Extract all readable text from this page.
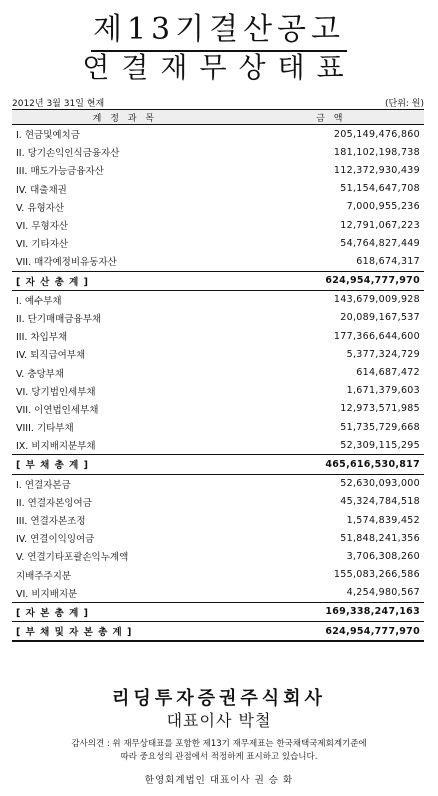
제13기결산공고
연결재무상태표
2012년 3월 31일 현재	(단위: 원)
계 정 과 목	금 액
I. 현금및예치금	205,149,476,860
II. 당기손익인식금융자산	181,102,198,738
III. 매도가능금융자산	112,372,930,439
IV. 대출채권	51,154,647,708
V. 유형자산	7,000,955,236
VI. 무형자산	12,791,067,223
VI. 기타자산	54,764,827,449
VII. 매각예정비유동자산	618,674,317
[ 자 산 총 계 ]	624,954,777,970
I. 예수부채	143,679,009,928
II. 단기매매금융부채	20,089,167,537
III. 차입부채	177,366,644,600
IV. 퇴직급여부채	5,377,324,729
V. 충당부채	614,687,472
VI. 당기법인세부채	1,671,379,603
VII. 이연법인세부채	12,973,571,985
VIII. 기타부채	51,735,729,668
IX. 비지배지분부채	52,309,115,295
[ 부 채 총 계 ]	465,616,530,817
I. 연결자본금	52,630,093,000
II. 연결자본잉여금	45,324,784,518
III. 연결자본조정	1,574,839,452
IV. 연결이익잉여금	51,848,241,356
V. 연결기타포괄손익누계액	3,706,308,260
지배주주지분	155,083,266,586
VI. 비지배지분	4,254,980,567
[ 자 본 총 계 ]	169,338,247,163
[ 부 채 및 자 본 총 계 ]	624,954,777,970
리딩투자증권주식회사
대표이사 박철
감사의견 : 위 재무상태표를 포함한 제13기 재무제표는 한국채택국제회계기준에
따라 중요성의 관점에서 적정하게 표시하고 있습니다.
한영회계법인 대표이사 권 승 화
